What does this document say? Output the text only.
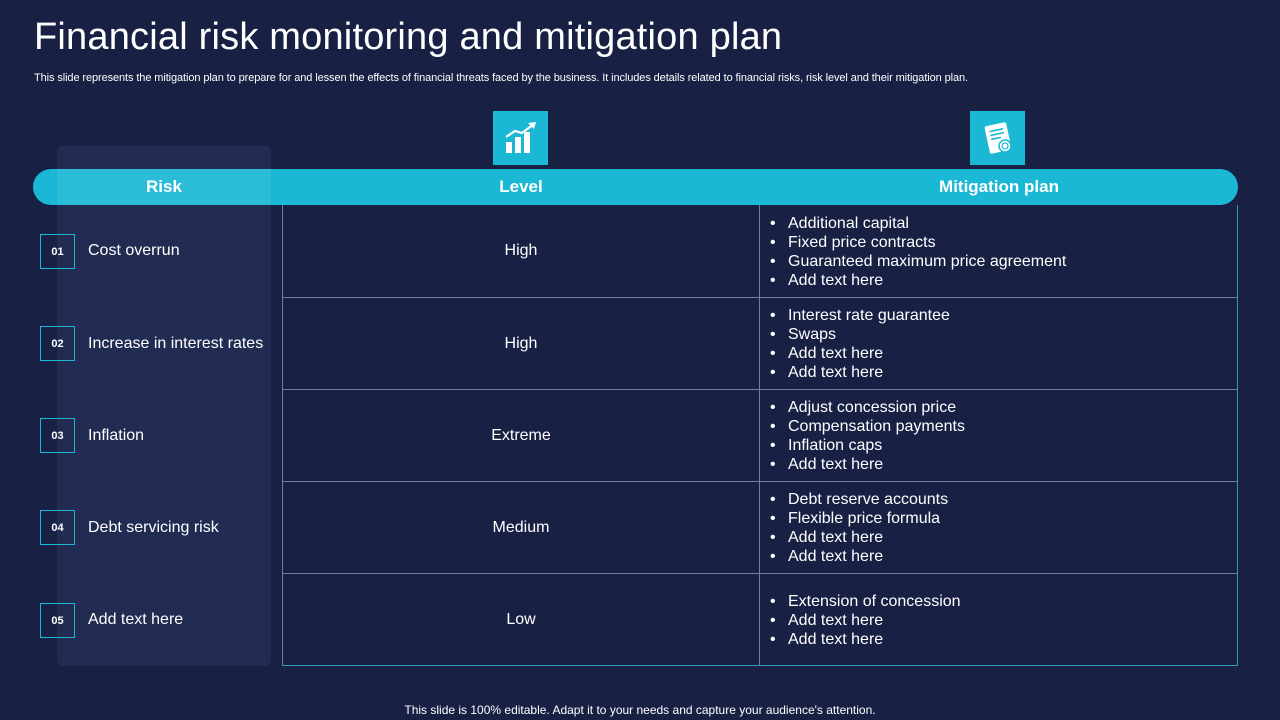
Financial risk monitoring and mitigation plan
This slide represents the mitigation plan to prepare for and lessen the effects of financial threats faced by the business. It includes details related to financial risks, risk level and their mitigation plan.
Risk	Level	Mitigation plan
01	Cost overrun	High
• Additional capital
• Fixed price contracts
• Guaranteed maximum price agreement
• Add text here
02	Increase in interest rates	High
• Interest rate guarantee
• Swaps
• Add text here
• Add text here
03	Inflation	Extreme
• Adjust concession price
• Compensation payments
• Inflation caps
• Add text here
04	Debt servicing risk	Medium
• Debt reserve accounts
• Flexible price formula
• Add text here
• Add text here
05	Add text here	Low
• Extension of concession
• Add text here
• Add text here
This slide is 100% editable. Adapt it to your needs and capture your audience's attention.
